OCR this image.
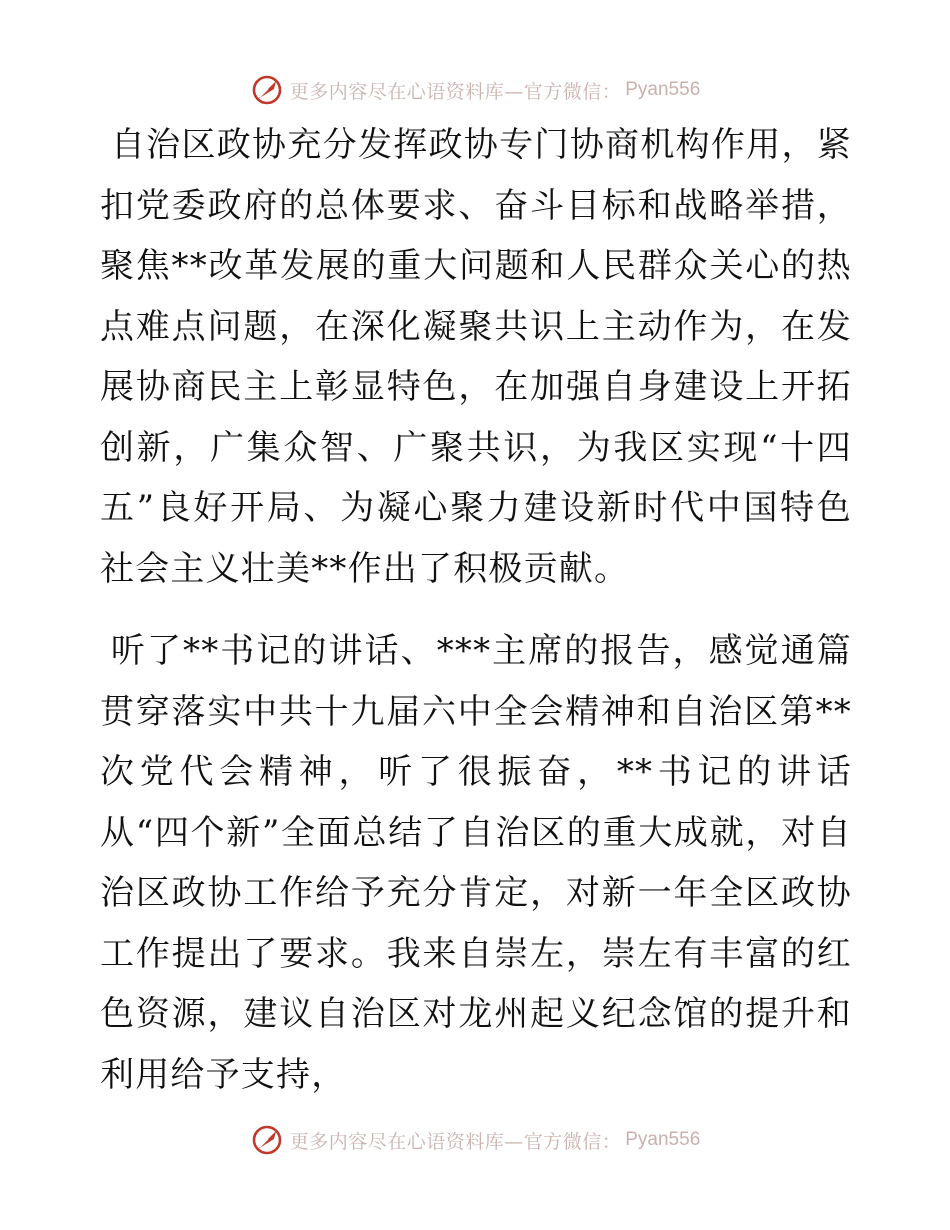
更多内容尽在心语资料库—官方微信： Pyan556

自治区政协充分发挥政协专门协商机构作用，紧扣党委政府的总体要求、奋斗目标和战略举措，聚焦**改革发展的重大问题和人民群众关心的热点难点问题，在深化凝聚共识上主动作为，在发展协商民主上彰显特色，在加强自身建设上开拓创新，广集众智、广聚共识，为我区实现“十四五”良好开局、为凝心聚力建设新时代中国特色社会主义壮美**作出了积极贡献。

听了**书记的讲话、***主席的报告，感觉通篇贯穿落实中共十九届六中全会精神和自治区第**次党代会精神，听了很振奋，**书记的讲话从“四个新”全面总结了自治区的重大成就，对自治区政协工作给予充分肯定，对新一年全区政协工作提出了要求。我来自崇左，崇左有丰富的红色资源，建议自治区对龙州起义纪念馆的提升和利用给予支持，

更多内容尽在心语资料库—官方微信： Pyan556
